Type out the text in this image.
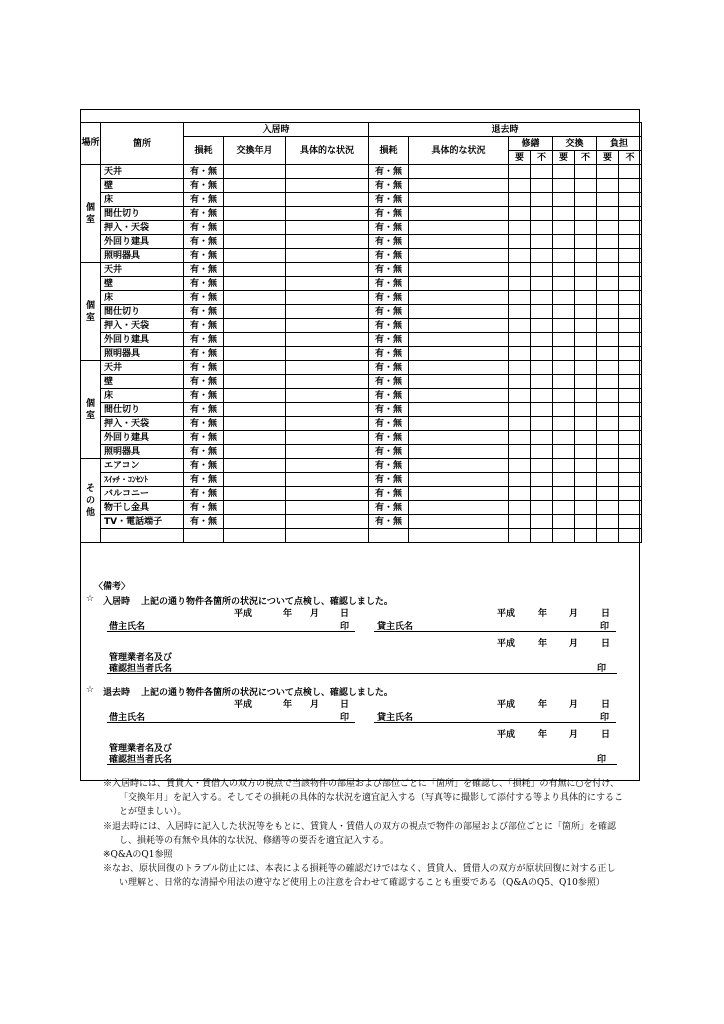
場所	箇所	入居時			退去時							
		損耗	交換年月	具体的な状況	損耗	具体的な状況	修繕		交換		負担	
							要	不	要	不	要	不

個
室	天井	有・無			有・無							
	壁	有・無			有・無							
	床	有・無			有・無							
	間仕切り	有・無			有・無							
	押入・天袋	有・無			有・無							
	外回り建具	有・無			有・無							
	照明器具	有・無			有・無							

個
室	天井	有・無			有・無							
	壁	有・無			有・無							
	床	有・無			有・無							
	間仕切り	有・無			有・無							
	押入・天袋	有・無			有・無							
	外回り建具	有・無			有・無							
	照明器具	有・無			有・無							

個
室	天井	有・無			有・無							
	壁	有・無			有・無							
	床	有・無			有・無							
	間仕切り	有・無			有・無							
	押入・天袋	有・無			有・無							
	外回り建具	有・無			有・無							
	照明器具	有・無			有・無							

そ
の
他	エアコン	有・無			有・無							
	ｽｲｯﾁ・ｺﾝｾﾝﾄ	有・無			有・無							
	バルコニー	有・無			有・無							
	物干し金具	有・無			有・無							
	TV・電話端子	有・無			有・無							

〈備考〉
☆ 入居時 上記の通り物件各箇所の状況について点検し、確認しました。
平成	年 月 日	平成	年 月	日
借主氏名	印	貸主氏名	印
平成	年 月	日
管理業者名及び
確認担当者氏名	印
☆ 退去時 上記の通り物件各箇所の状況について点検し、確認しました。
平成	年 月 日	平成	年 月	日
借主氏名	印	貸主氏名	印
平成	年 月	日
管理業者名及び
確認担当者氏名	印
※入居時には、賃貸人・賃借人の双方の視点で当該物件の部屋および部位ごとに「箇所」を確認し、「損耗」の有無に○を付け、「交換年月」を記入する。そしてその損耗の具体的な状況を適宜記入する（写真等に撮影して添付する等より具体的にすることが望ましい）。
※退去時には、入居時に記入した状況等をもとに、賃貸人・賃借人の双方の視点で物件の部屋および部位ごとに「箇所」を確認し、損耗等の有無や具体的な状況、修繕等の要否を適宜記入する。
※Q&AのQ1参照
※なお、原状回復のトラブル防止には、本表による損耗等の確認だけではなく、賃貸人、賃借人の双方が原状回復に対する正しい理解と、日常的な清掃や用法の遵守など使用上の注意を合わせて確認することも重要である（Q&AのQ5、Q10参照）
